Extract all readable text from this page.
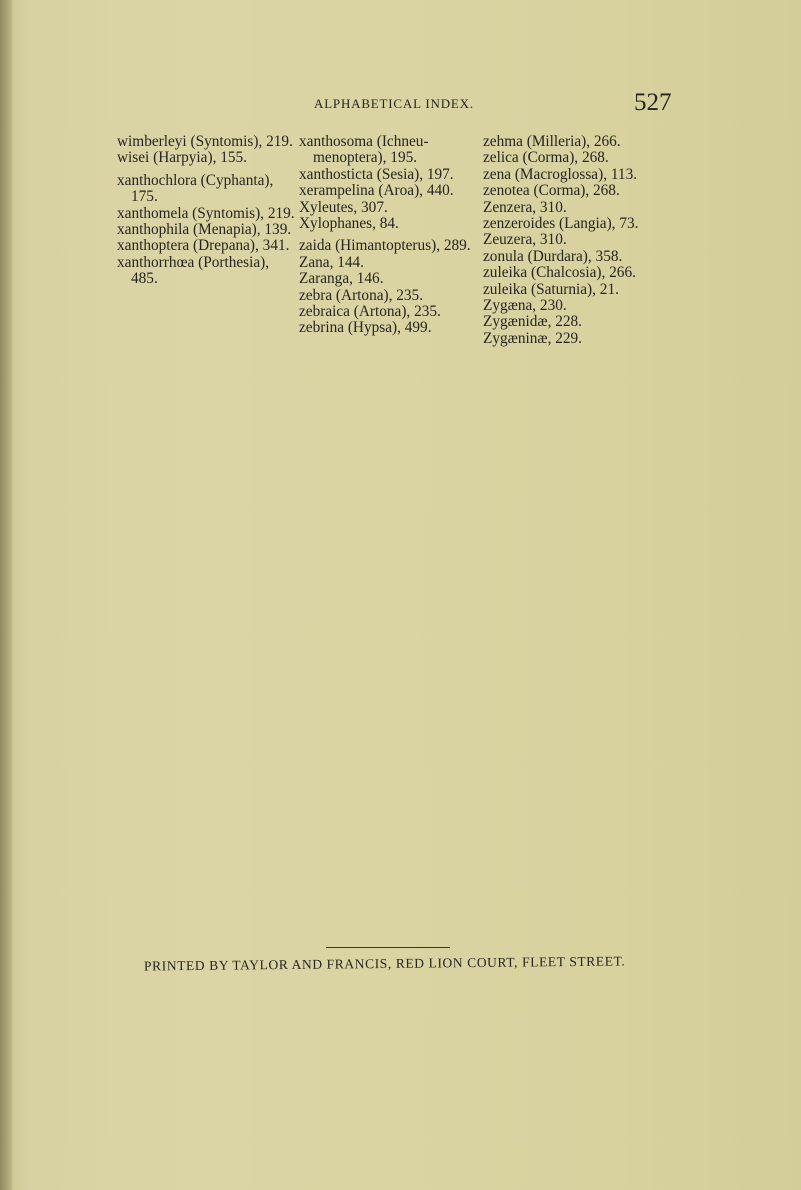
ALPHABETICAL INDEX.	527
wimberleyi (Syntomis), 219.
wisei (Harpyia), 155.
xanthochlora (Cyphanta), 175.
xanthomela (Syntomis), 219.
xanthophila (Menapia), 139.
xanthoptera (Drepana), 341.
xanthorrhœa (Porthesia), 485.
xanthosoma (Ichneu-menoptera), 195.
xanthosticta (Sesia), 197.
xerampelina (Aroa), 440.
Xyleutes, 307.
Xylophanes, 84.
zaida (Himantopterus), 289.
Zana, 144.
Zaranga, 146.
zebra (Artona), 235.
zebraica (Artona), 235.
zebrina (Hypsa), 499.
zehma (Milleria), 266.
zelica (Corma), 268.
zena (Macroglossa), 113.
zenotea (Corma), 268.
Zenzera, 310.
zenzeroides (Langia), 73.
Zeuzera, 310.
zonula (Durdara), 358.
zuleika (Chalcosia), 266.
zuleika (Saturnia), 21.
Zygæna, 230.
Zygænidæ, 228.
Zygæninæ, 229.
PRINTED BY TAYLOR AND FRANCIS, RED LION COURT, FLEET STREET.
